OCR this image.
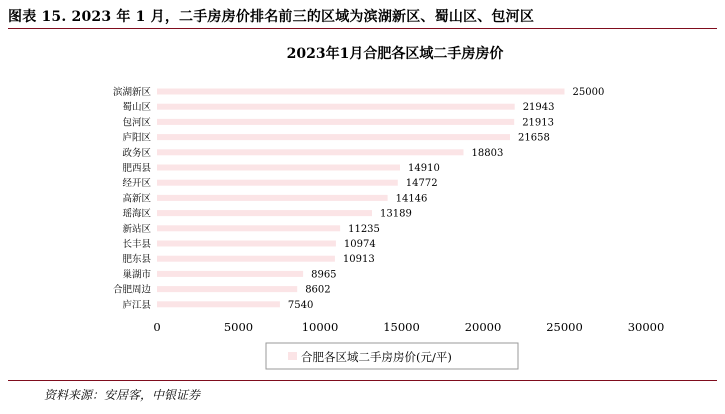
图表 15. 2023 年 1 月，二手房房价排名前三的区域为滨湖新区、蜀山区、包河区
2023年1月合肥各区域二手房房价
滨湖新区	25000
蜀山区	21943
包河区	21913
庐阳区	21658
政务区	18803
肥西县	14910
经开区	14772
高新区	14146
瑶海区	13189
新站区	11235
长丰县	10974
肥东县	10913
巢湖市	8965
合肥周边	8602
庐江县	7540
0	5000	10000	15000	20000	25000	30000
合肥各区域二手房房价(元/平)
资料来源：安居客，中银证券
